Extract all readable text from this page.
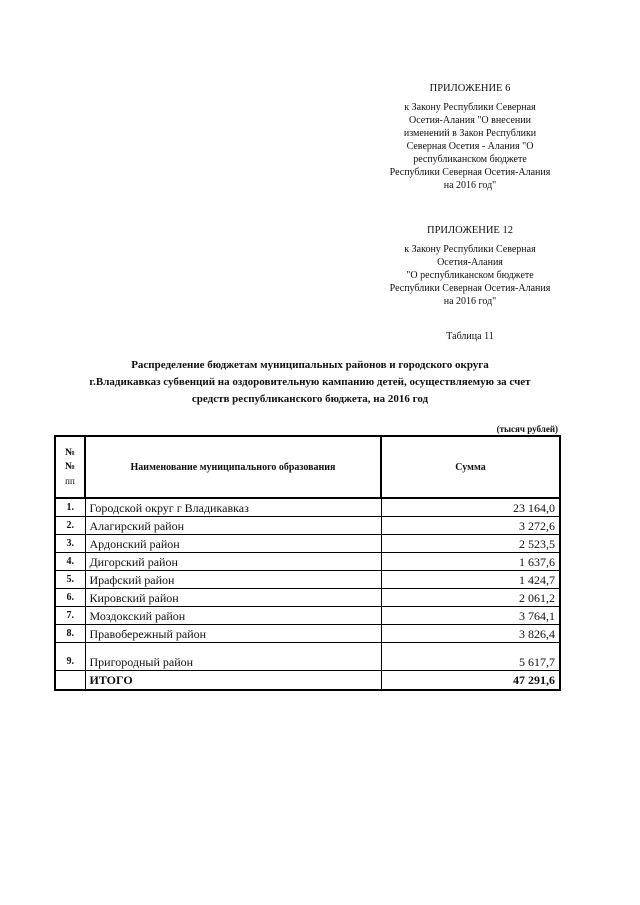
ПРИЛОЖЕНИЕ 6
к Закону Республики Северная
Осетия-Алания "О внесении
изменений в Закон Республики
Северная Осетия - Алания "О
республиканском бюджете
Республики Северная Осетия-Алания
на 2016 год"
ПРИЛОЖЕНИЕ 12
к Закону Республики Северная
Осетия-Алания
"О республиканском бюджете
Республики Северная Осетия-Алания
на 2016 год"
Таблица 11
Распределение бюджетам муниципальных районов и городского округа
г.Владикавказ субвенций на оздоровительную кампанию детей, осуществляемую за счет
средств республиканского бюджета, на 2016 год
(тысяч рублей)
№№
пп	Наименование муниципального образования	Сумма
1.	Городской округ г Владикавказ	23 164,0
2.	Алагирский район	3 272,6
3.	Ардонский район	2 523,5
4.	Дигорский район	1 637,6
5.	Ирафский район	1 424,7
6.	Кировский район	2 061,2
7.	Моздокский район	3 764,1
8.	Правобережный район	3 826,4
9.	Пригородный район	5 617,7
	ИТОГО	47 291,6
